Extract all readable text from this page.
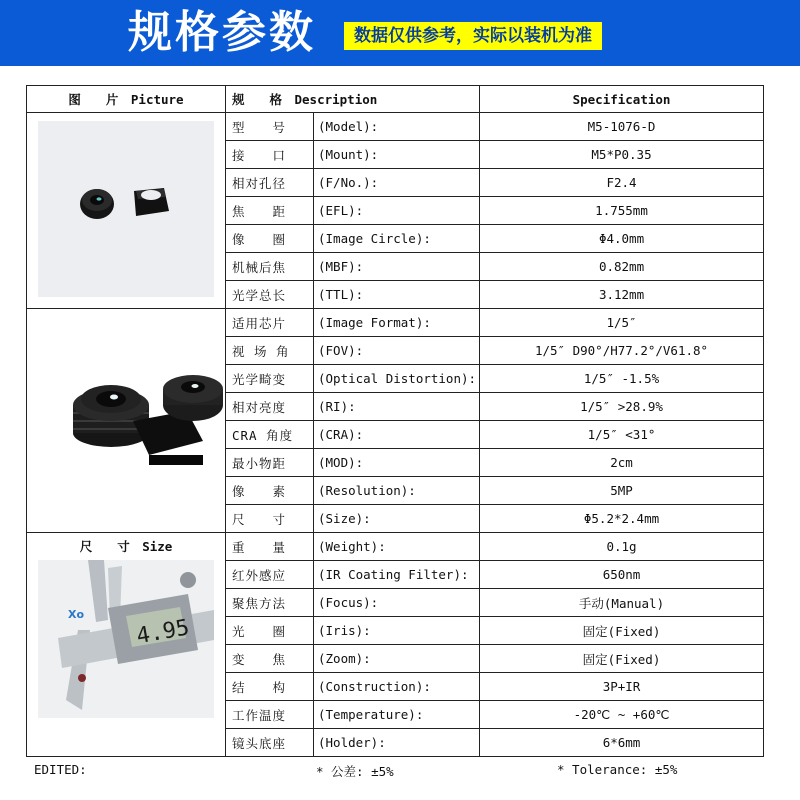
规格参数	数据仅供参考，实际以装机为准
图　　片　Picture	规　　格　Description		Specification

	型　　号	(Model):	M5-1076-D
	接　　口	(Mount):	M5*P0.35
	相对孔径	(F/No.):	F2.4
	焦　　距	(EFL):	1.755mm
	像　　圈	(Image Circle):	Φ4.0mm
	机械后焦	(MBF):	0.82mm
	光学总长	(TTL):	3.12mm

	适用芯片	(Image Format):	1/5″
	视 场 角	(FOV):	1/5″ D90°/H77.2°/V61.8°
	光学畸变	(Optical Distortion):	1/5″ -1.5%
	相对亮度	(RI):	1/5″ >28.9%
	CRA 角度	(CRA):	1/5″ <31°
	最小物距	(MOD):	2cm
	像　　素	(Resolution):	5MP
	尺　　寸	(Size):	Φ5.2*2.4mm

尺　　寸　Size
4.95
Xo	重　　量	(Weight):	0.1g
	红外感应	(IR Coating Filter):	650nm
	聚焦方法	(Focus):	手动(Manual)
	光　　圈	(Iris):	固定(Fixed)
	变　　焦	(Zoom):	固定(Fixed)
	结　　构	(Construction):	3P+IR
	工作温度	(Temperature):	-20℃ ~ +60℃
	镜头底座	(Holder):	6*6mm
EDITED:	* 公差: ±5%	* Tolerance: ±5%
